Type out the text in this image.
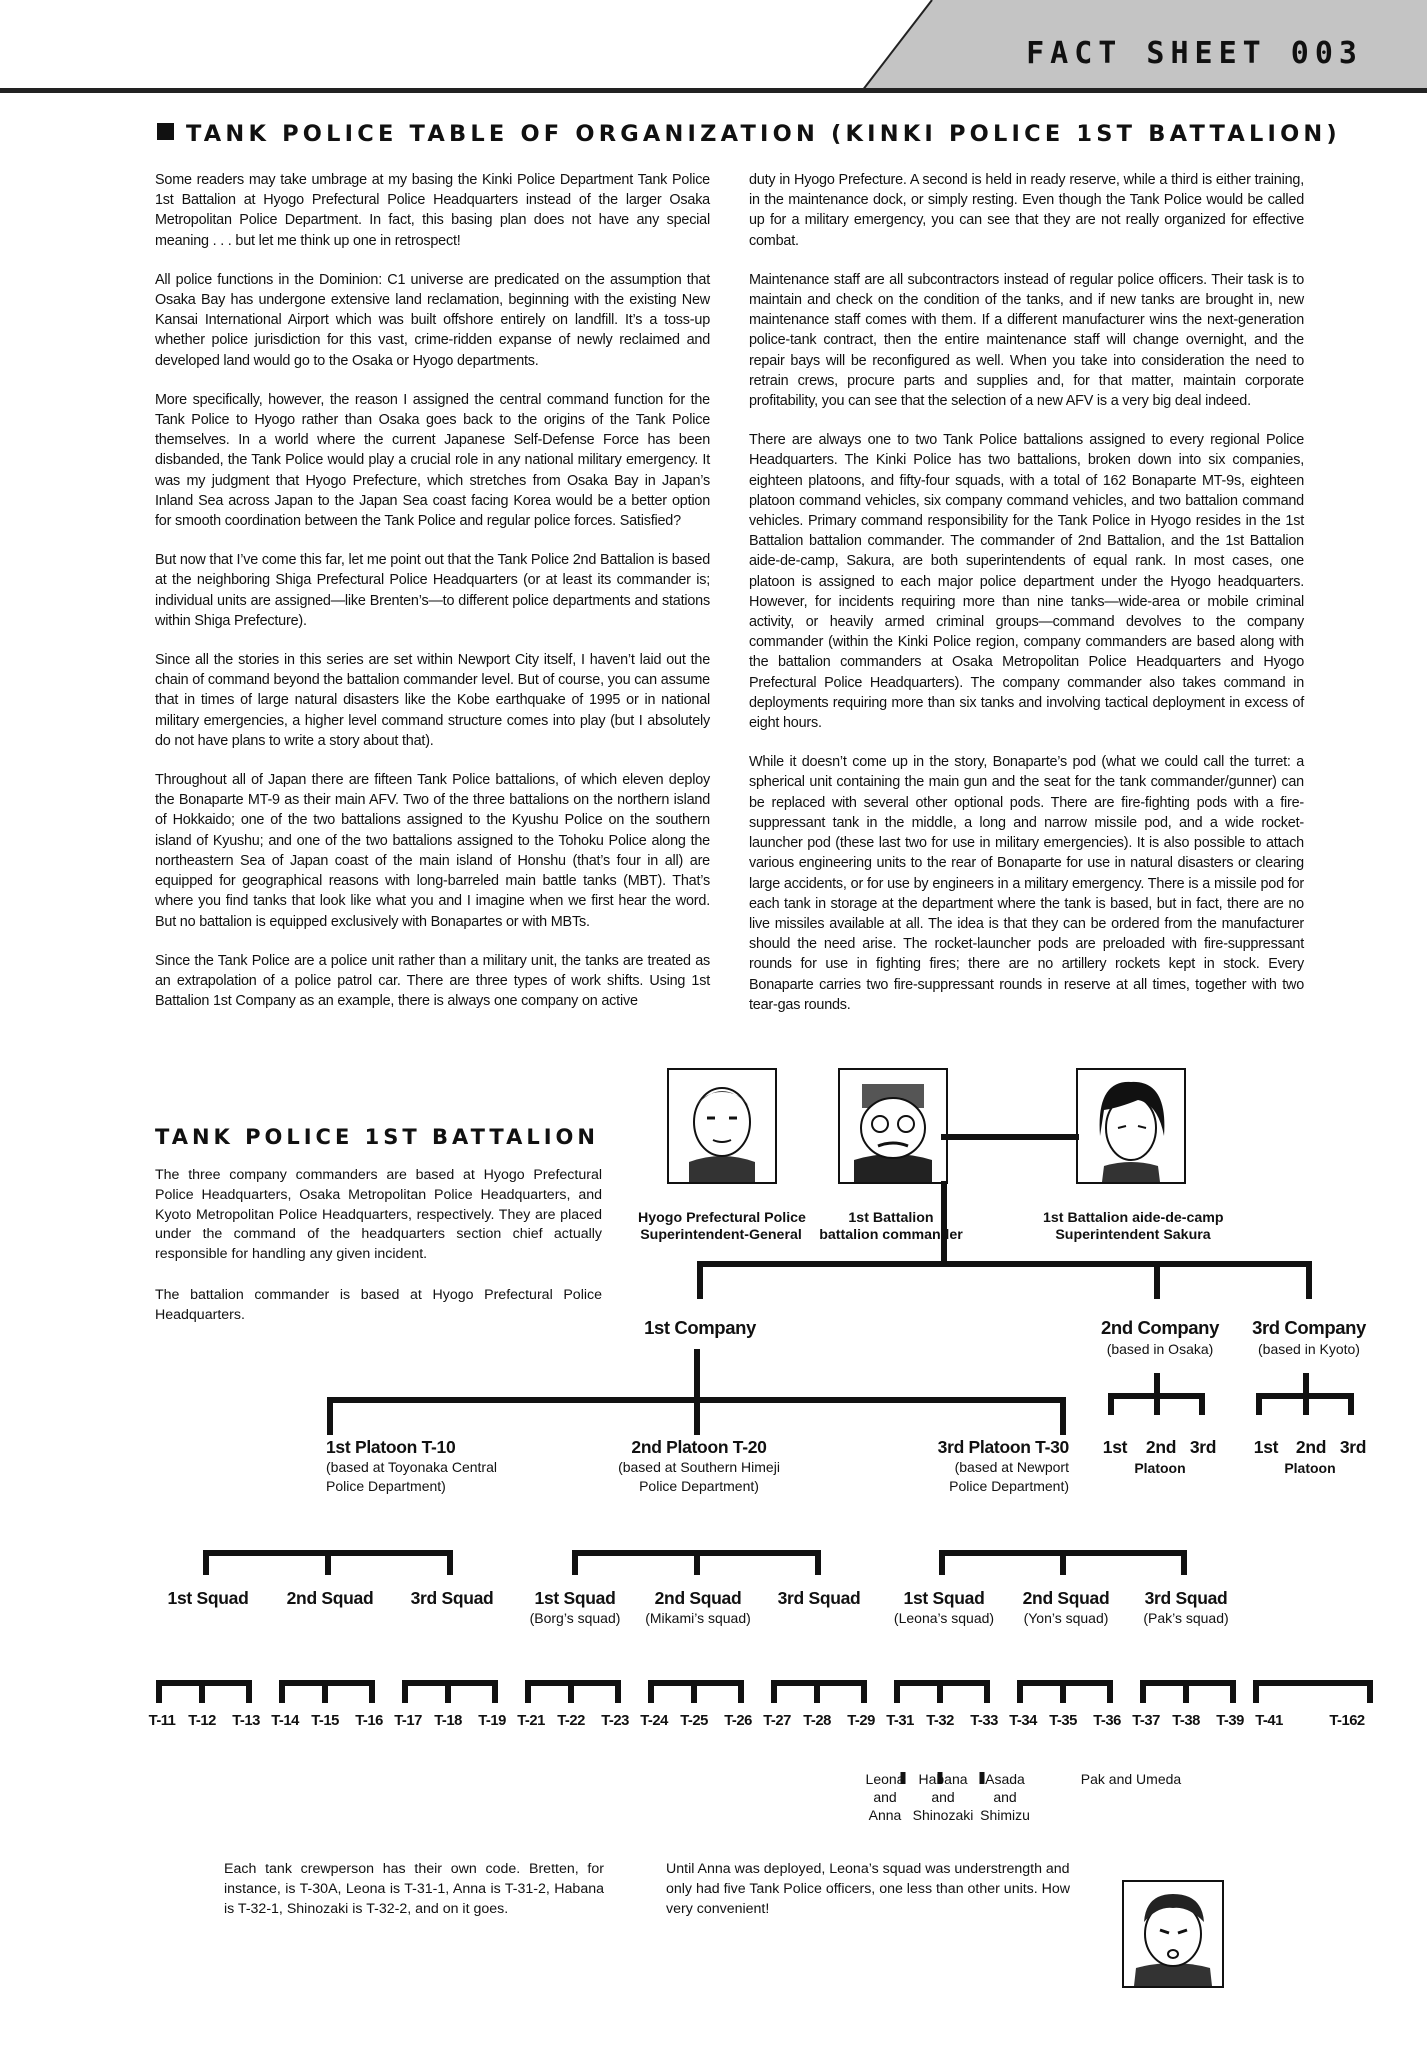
FACT SHEET 003
TANK POLICE TABLE OF ORGANIZATION (KINKI POLICE 1ST BATTALION)

Some readers may take umbrage at my basing the Kinki Police Department Tank Police 1st Battalion at Hyogo Prefectural Police Headquarters instead of the larger Osaka Metropolitan Police Department. In fact, this basing plan does not have any special meaning . . . but let me think up one in retrospect!

All police functions in the Dominion: C1 universe are predicated on the assumption that Osaka Bay has undergone extensive land reclamation, beginning with the existing New Kansai International Airport which was built offshore entirely on landfill. It’s a toss-up whether police jurisdiction for this vast, crime-ridden expanse of newly reclaimed and developed land would go to the Osaka or Hyogo departments.

More specifically, however, the reason I assigned the central command function for the Tank Police to Hyogo rather than Osaka goes back to the origins of the Tank Police themselves. In a world where the current Japanese Self-Defense Force has been disbanded, the Tank Police would play a crucial role in any national military emergency. It was my judgment that Hyogo Prefecture, which stretches from Osaka Bay in Japan’s Inland Sea across Japan to the Japan Sea coast facing Korea would be a better option for smooth coordination between the Tank Police and regular police forces. Satisfied?

But now that I’ve come this far, let me point out that the Tank Police 2nd Battalion is based at the neighboring Shiga Prefectural Police Headquarters (or at least its commander is; individual units are assigned—like Brenten’s—to different police departments and stations within Shiga Prefecture).

Since all the stories in this series are set within Newport City itself, I haven’t laid out the chain of command beyond the battalion commander level. But of course, you can assume that in times of large natural disasters like the Kobe earthquake of 1995 or in national military emergencies, a higher level command structure comes into play (but I absolutely do not have plans to write a story about that).

Throughout all of Japan there are fifteen Tank Police battalions, of which eleven deploy the Bonaparte MT-9 as their main AFV. Two of the three battalions on the northern island of Hokkaido; one of the two battalions assigned to the Kyushu Police on the southern island of Kyushu; and one of the two battalions assigned to the Tohoku Police along the northeastern Sea of Japan coast of the main island of Honshu (that’s four in all) are equipped for geographical reasons with long-barreled main battle tanks (MBT). That’s where you find tanks that look like what you and I imagine when we first hear the word. But no battalion is equipped exclusively with Bonapartes or with MBTs.

Since the Tank Police are a police unit rather than a military unit, the tanks are treated as an extrapolation of a police patrol car. There are three types of work shifts. Using 1st Battalion 1st Company as an example, there is always one company on active

duty in Hyogo Prefecture. A second is held in ready reserve, while a third is either training, in the maintenance dock, or simply resting. Even though the Tank Police would be called up for a military emergency, you can see that they are not really organized for effective combat.

Maintenance staff are all subcontractors instead of regular police officers. Their task is to maintain and check on the condition of the tanks, and if new tanks are brought in, new maintenance staff comes with them. If a different manufacturer wins the next-generation police-tank contract, then the entire maintenance staff will change overnight, and the repair bays will be reconfigured as well. When you take into consideration the need to retrain crews, procure parts and supplies and, for that matter, maintain corporate profitability, you can see that the selection of a new AFV is a very big deal indeed.

There are always one to two Tank Police battalions assigned to every regional Police Headquarters. The Kinki Police has two battalions, broken down into six companies, eighteen platoons, and fifty-four squads, with a total of 162 Bonaparte MT-9s, eighteen platoon command vehicles, six company command vehicles, and two battalion command vehicles. Primary command responsibility for the Tank Police in Hyogo resides in the 1st Battalion battalion commander. The commander of 2nd Battalion, and the 1st Battalion aide-de-camp, Sakura, are both superintendents of equal rank. In most cases, one platoon is assigned to each major police department under the Hyogo headquarters. However, for incidents requiring more than nine tanks—wide-area or mobile criminal activity, or heavily armed criminal groups—command devolves to the company commander (within the Kinki Police region, company commanders are based along with the battalion commanders at Osaka Metropolitan Police Headquarters and Hyogo Prefectural Police Headquarters). The company commander also takes command in deployments requiring more than six tanks and involving tactical deployment in excess of eight hours.

While it doesn’t come up in the story, Bonaparte’s pod (what we could call the turret: a spherical unit containing the main gun and the seat for the tank commander/gunner) can be replaced with several other optional pods. There are fire-fighting pods with a fire-suppressant tank in the middle, a long and narrow missile pod, and a wide rocket-launcher pod (these last two for use in military emergencies). It is also possible to attach various engineering units to the rear of Bonaparte for use in natural disasters or clearing large accidents, or for use by engineers in a military emergency. There is a missile pod for each tank in storage at the department where the tank is based, but in fact, there are no live missiles available at all. The idea is that they can be ordered from the manufacturer should the need arise. The rocket-launcher pods are preloaded with fire-suppressant rounds for use in fighting fires; there are no artillery rockets kept in stock. Every Bonaparte carries two fire-suppressant rounds in reserve at all times, together with two tear-gas rounds.

TANK POLICE 1ST BATTALION
The three company commanders are based at Hyogo Prefectural Police Headquarters, Osaka Metropolitan Police Headquarters, and Kyoto Metropolitan Police Headquarters, respectively. They are placed under the command of the headquarters section chief actually responsible for handling any given incident.
The battalion commander is based at Hyogo Prefectural Police Headquarters.
Hyogo Prefectural Police
Superintendent-General
1st Battalion
battalion commander
1st Battalion aide-de-camp
Superintendent Sakura
1st Company	2nd Company
(based in Osaka)
3rd Company
(based in Kyoto)
1st Platoon T-10
(based at Toyonaka Central
Police Department)
2nd Platoon T-20
(based at Southern Himeji
Police Department)
3rd Platoon T-30
(based at Newport
Police Department)
1st 2nd 3rd
Platoon
1st 2nd 3rd
Platoon
1st Squad 2nd Squad 3rd Squad 1st Squad
(Borg’s squad)
2nd Squad
(Mikami’s squad)
3rd Squad	1st Squad
(Leona’s squad)
2nd Squad
(Yon’s squad)
3rd Squad
(Pak’s squad)
T-11 T-12 T-13 T-14 T-15 T-16 T-17 T-18 T-19 T-21 T-22 T-23 T-24 T-25 T-26 T-27 T-28 T-29 T-31 T-32 T-33 T-34 T-35 T-36 T-37 T-38 T-39 T-41	T-162
Leona
and
Anna
Habana
and
Shinozaki
Asada
and
Shimizu
Pak and Umeda
Each tank crewperson has their own code. Bretten, for instance, is T-30A, Leona is T-31-1, Anna is T-31-2, Habana is T-32-1, Shinozaki is T-32-2, and on it goes.
Until Anna was deployed, Leona’s squad was understrength and only had five Tank Police officers, one less than other units. How very convenient!
